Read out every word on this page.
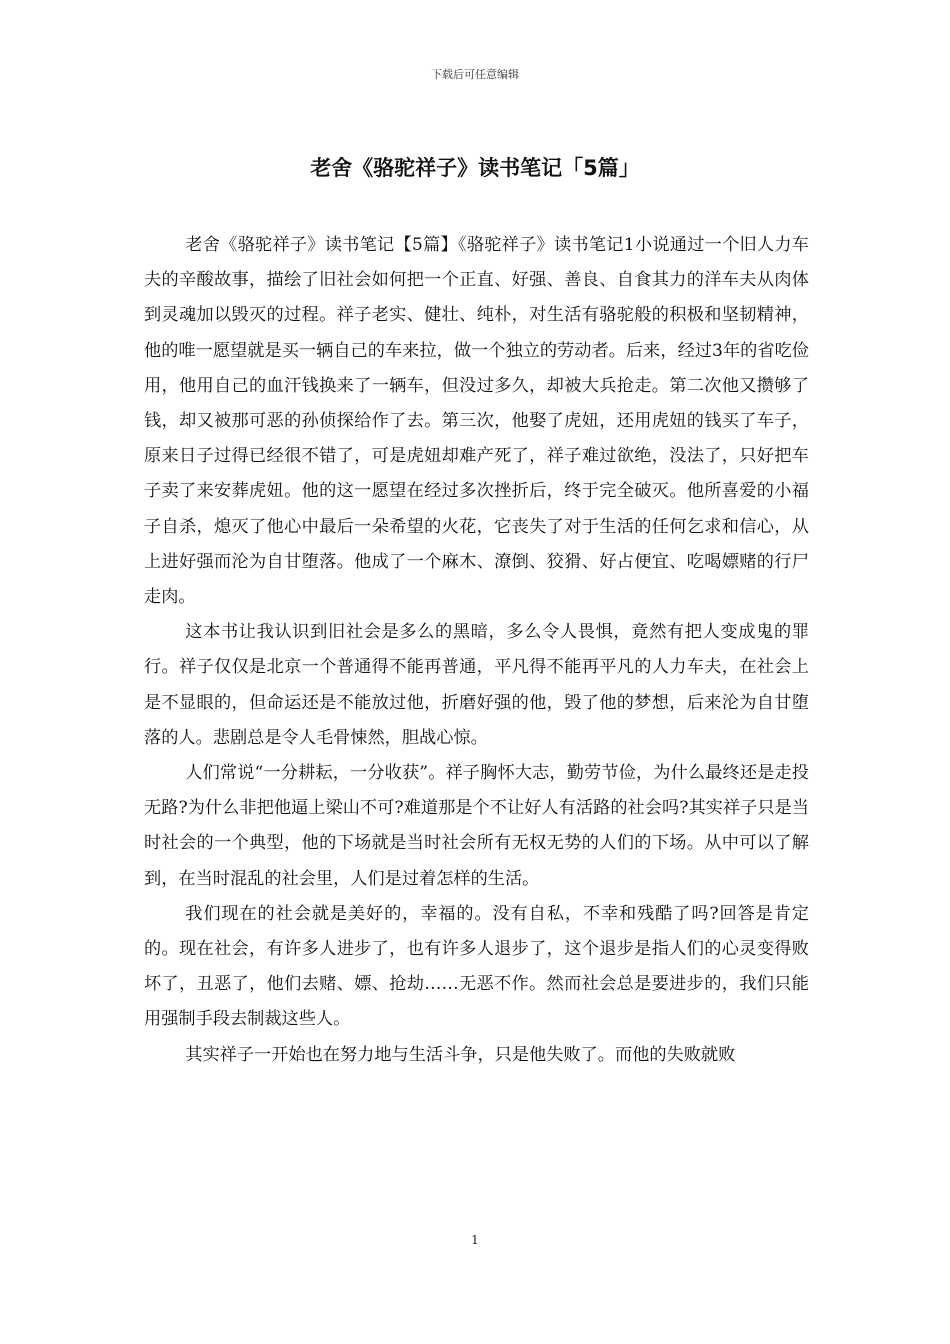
下载后可任意编辑
老舍《骆驼祥子》读书笔记「5篇」

老舍《骆驼祥子》读书笔记【5篇】《骆驼祥子》读书笔记1小说通过一个旧人力车夫的辛酸故事，描绘了旧社会如何把一个正直、好强、善良、自食其力的洋车夫从肉体到灵魂加以毁灭的过程。祥子老实、健壮、纯朴，对生活有骆驼般的积极和坚韧精神，他的唯一愿望就是买一辆自己的车来拉，做一个独立的劳动者。后来，经过3年的省吃俭用，他用自己的血汗钱换来了一辆车，但没过多久，却被大兵抢走。第二次他又攒够了钱，却又被那可恶的孙侦探给作了去。第三次，他娶了虎妞，还用虎妞的钱买了车子，原来日子过得已经很不错了，可是虎妞却难产死了，祥子难过欲绝，没法了，只好把车子卖了来安葬虎妞。他的这一愿望在经过多次挫折后，终于完全破灭。他所喜爱的小福子自杀，熄灭了他心中最后一朵希望的火花，它丧失了对于生活的任何乞求和信心，从上进好强而沦为自甘堕落。他成了一个麻木、潦倒、狡猾、好占便宜、吃喝嫖赌的行尸走肉。

这本书让我认识到旧社会是多么的黑暗，多么令人畏惧，竟然有把人变成鬼的罪行。祥子仅仅是北京一个普通得不能再普通，平凡得不能再平凡的人力车夫，在社会上是不显眼的，但命运还是不能放过他，折磨好强的他，毁了他的梦想，后来沦为自甘堕落的人。悲剧总是令人毛骨悚然，胆战心惊。

人们常说“一分耕耘，一分收获”。祥子胸怀大志，勤劳节俭，为什么最终还是走投无路?为什么非把他逼上梁山不可?难道那是个不让好人有活路的社会吗?其实祥子只是当时社会的一个典型，他的下场就是当时社会所有无权无势的人们的下场。从中可以了解到，在当时混乱的社会里，人们是过着怎样的生活。

我们现在的社会就是美好的，幸福的。没有自私，不幸和残酷了吗?回答是肯定的。现在社会，有许多人进步了，也有许多人退步了，这个退步是指人们的心灵变得败坏了，丑恶了，他们去赌、嫖、抢劫……无恶不作。然而社会总是要进步的，我们只能用强制手段去制裁这些人。

其实祥子一开始也在努力地与生活斗争，只是他失败了。而他的失败就败

1
